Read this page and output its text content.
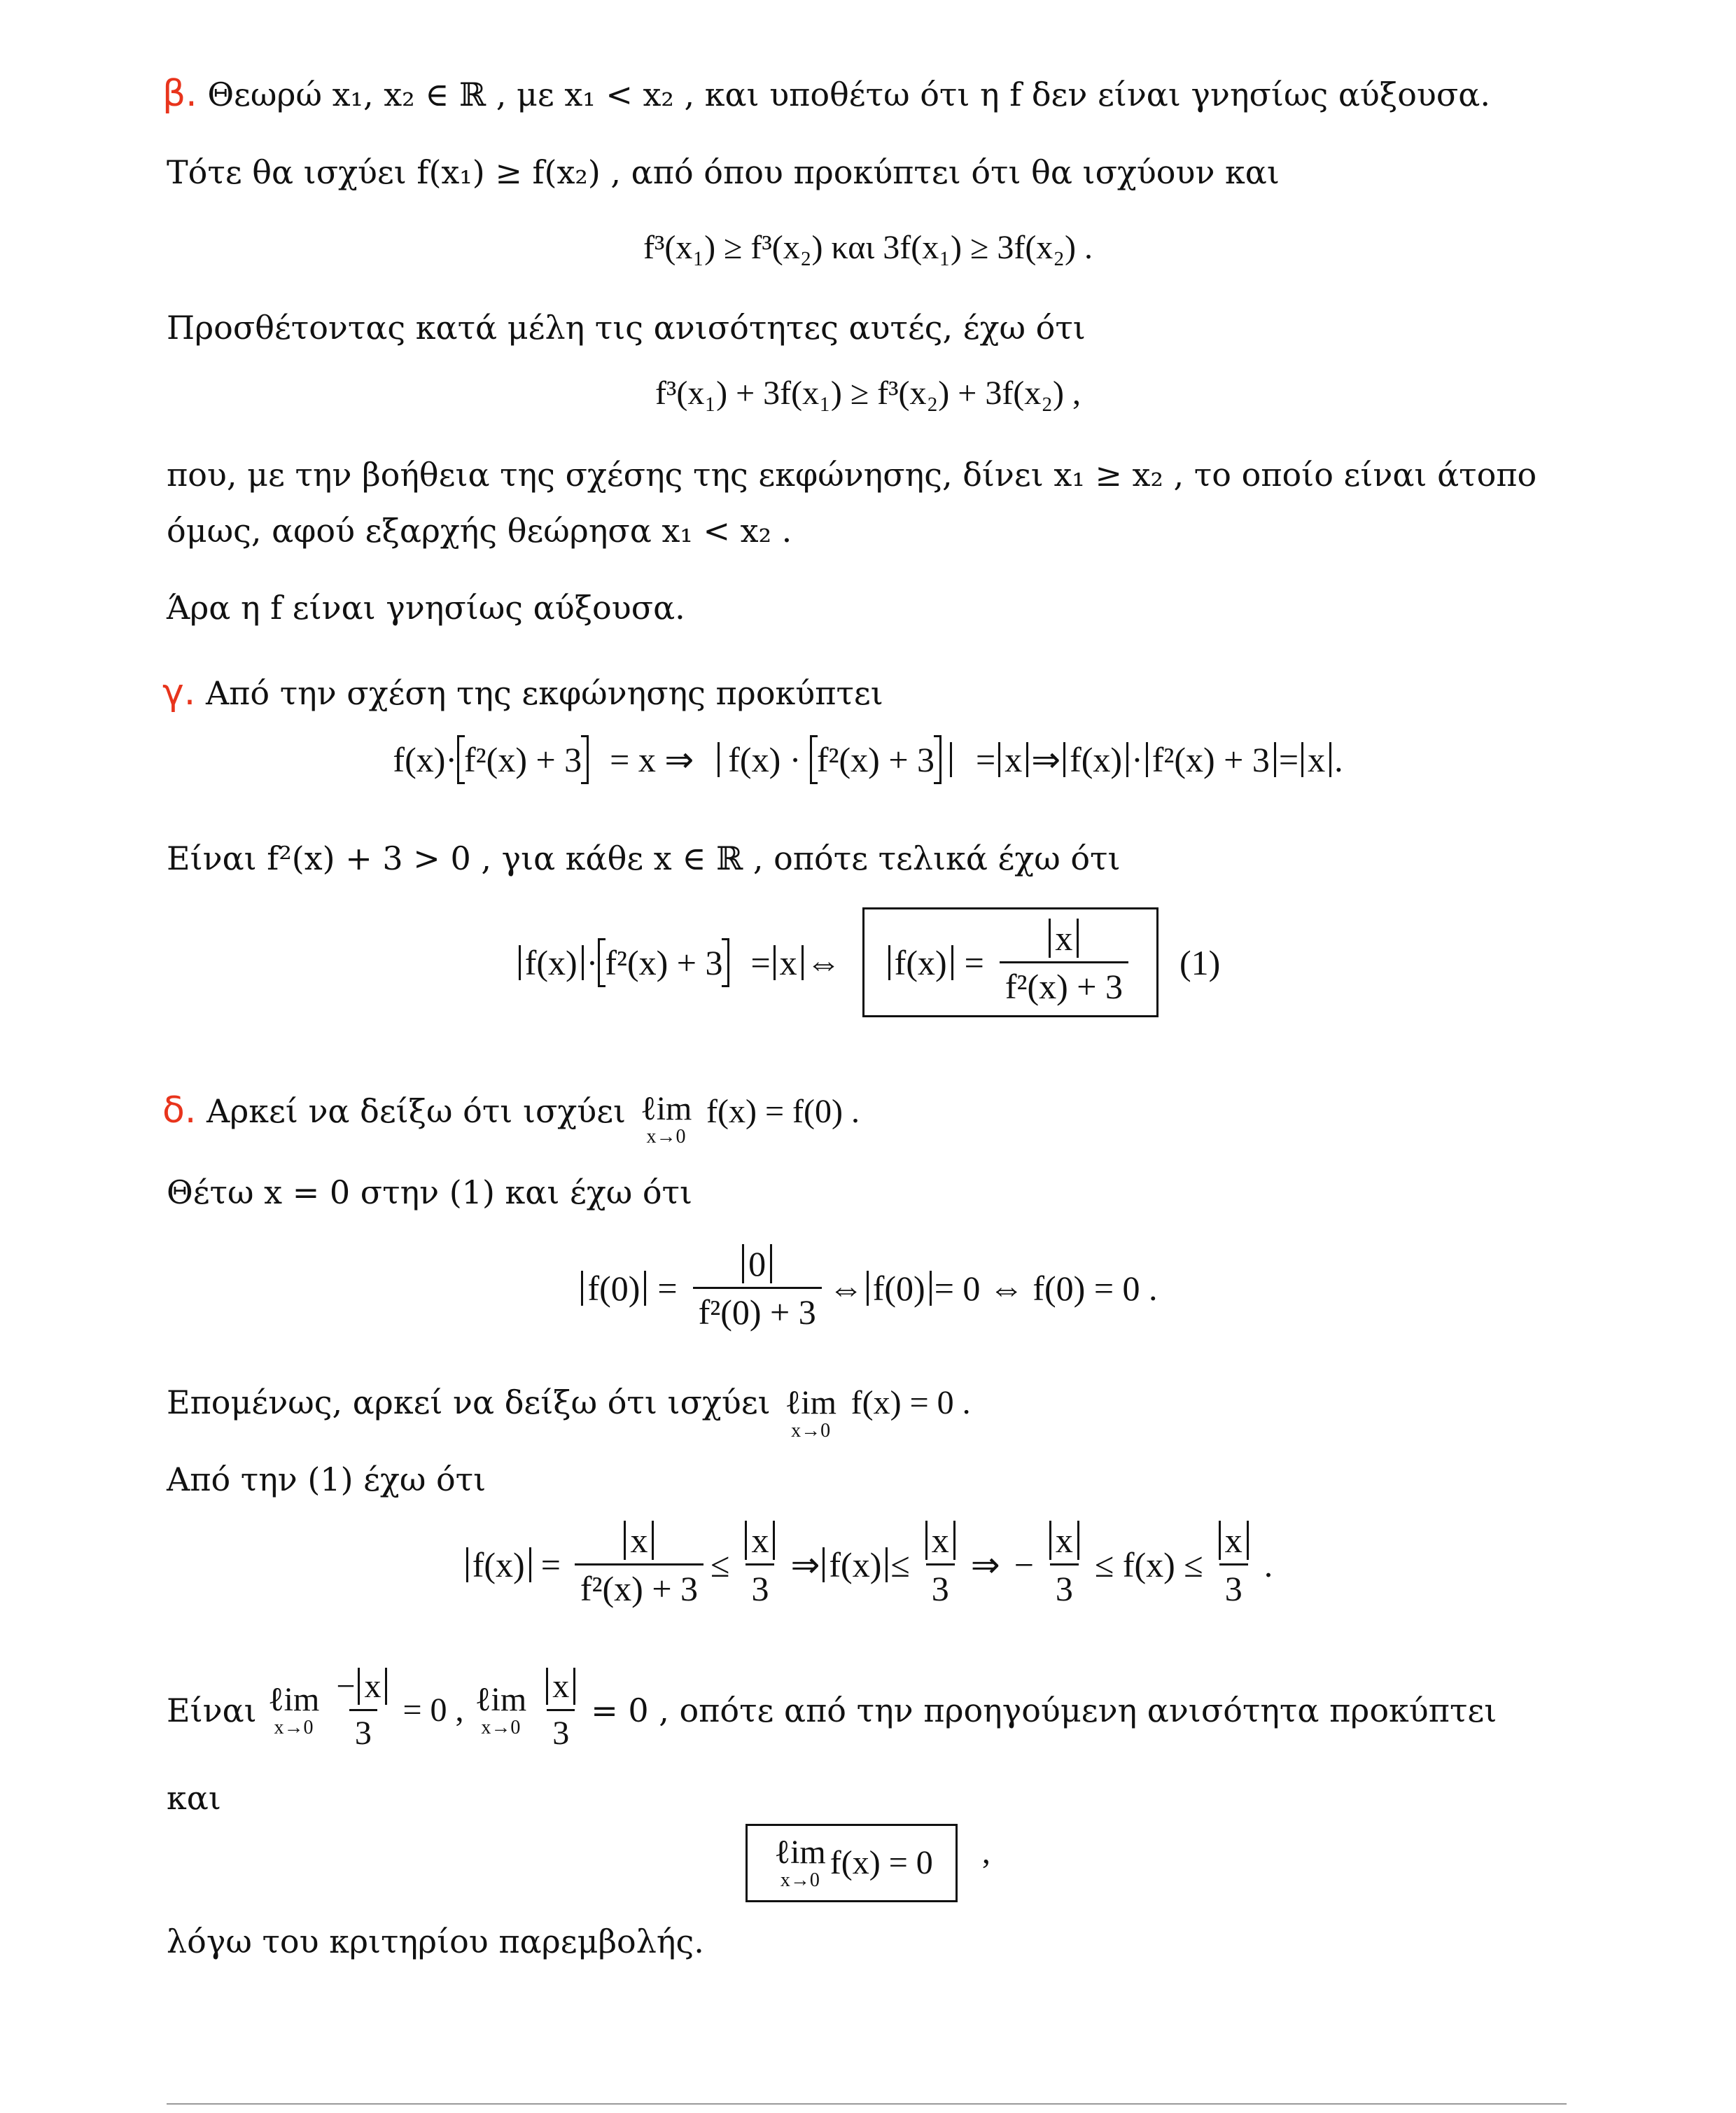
β. Θεωρώ x₁, x₂ ∈ ℝ , με x₁ < x₂ , και υποθέτω ότι η f δεν είναι γνησίως αύξουσα.
Τότε θα ισχύει f(x₁) ≥ f(x₂) , από όπου προκύπτει ότι θα ισχύουν και
f³(x₁) ≥ f³(x₂) και 3f(x₁) ≥ 3f(x₂) .
Προσθέτοντας κατά μέλη τις ανισότητες αυτές, έχω ότι
f³(x₁) + 3f(x₁) ≥ f³(x₂) + 3f(x₂) ,
που, με την βοήθεια της σχέσης της εκφώνησης, δίνει x₁ ≥ x₂ , το οποίο είναι άτοπο
όμως, αφού εξαρχής θεώρησα x₁ < x₂ .
Άρα η f είναι γνησίως αύξουσα.
γ. Από την σχέση της εκφώνησης προκύπτει
f(x) · f²(x) + 3 = x ⇒ f(x) · f²(x) + 3	= x ⇒ f(x) · f²(x) + 3 = x .
Είναι f²(x) + 3 > 0 , για κάθε x ∈ ℝ , οπότε τελικά έχω ότι
f(x) · f²(x) + 3 = x ⇔ $f(x) = \frac{x}{\text{f²(x) + 3}} (1)$
δ. Αρκεί να δείξω ότι ισχύει ℓim
x→0
f(x) = f(0) .
Θέτω x = 0 στην (1) και έχω ότι
$f(0) = \frac{0}{\text{f²(0) + 3}}$ ⇔ f(0) = 0 ⇔ f(0) = 0 .
Επομένως, αρκεί να δείξω ότι ισχύει ℓim
x→0
f(x) = 0 .
Από την (1) έχω ότι
$f(x) = \frac{x}{\text{f²(x) + 3}} \le \frac{x}{3}$ ⇒ $f(x) \le \frac{x}{3}$ ⇒ − $\frac{x}{3} \le f(x) \le \frac{x}{3}$ .
Είναι ℓim
$x\to 0 \frac{- x}{3} = 0$ , ℓim
$x\to 0 \frac{x}{3} = 0$ , οπότε από την προηγούμενη ανισότητα προκύπτει
και
ℓim
x→0 f(x) = 0 ,
λόγω του κριτηρίου παρεμβολής.
